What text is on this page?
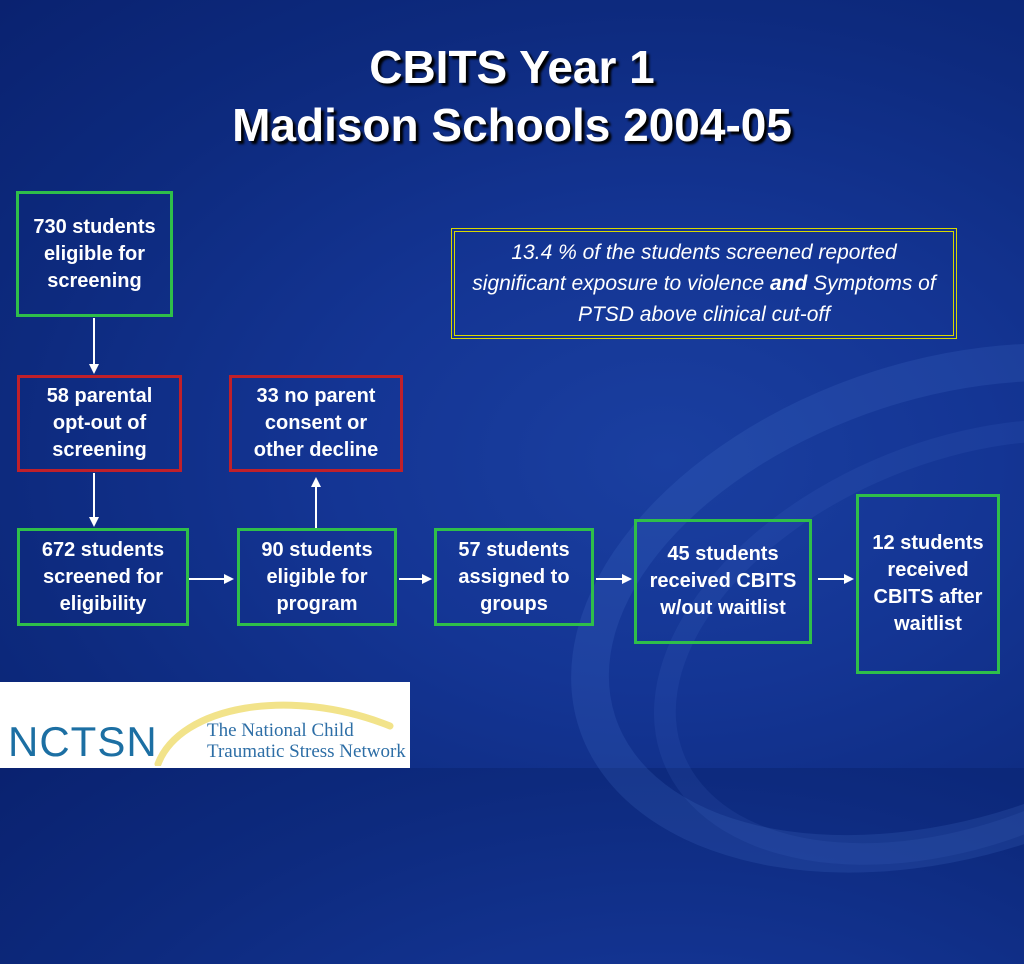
CBITS Year 1
Madison Schools 2004-05
730 students eligible for screening
58 parental opt-out of screening
33 no parent consent or other decline
672 students screened for eligibility
90 students eligible for program
57 students assigned to groups
45 students received CBITS w/out waitlist
12 students received CBITS after waitlist
13.4 % of the students screened reported significant exposure to violence and Symptoms of PTSD above clinical cut-off
NCTSN	The National Child
Traumatic Stress Network
